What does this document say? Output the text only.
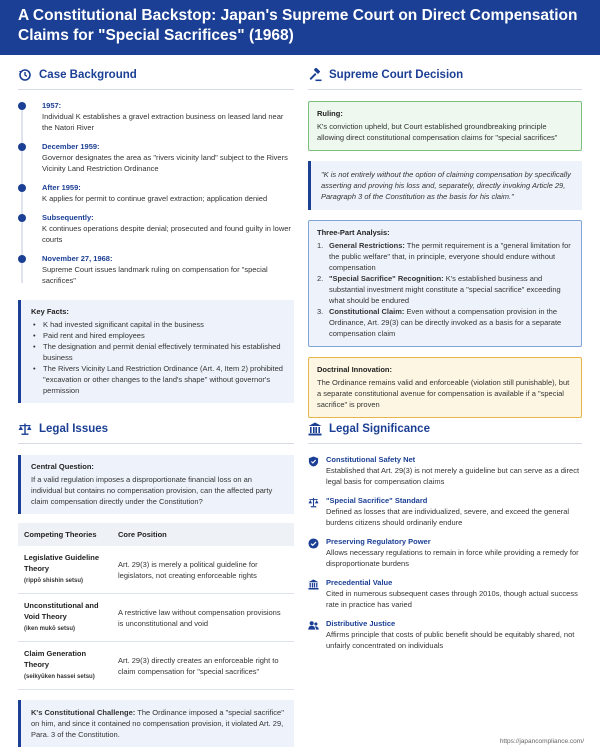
A Constitutional Backstop: Japan's Supreme Court on Direct Compensation Claims for "Special Sacrifices" (1968)
Case Background
1957:
Individual K establishes a gravel extraction business on leased land near the Natori River
December 1959:
Governor designates the area as "rivers vicinity land" subject to the Rivers Vicinity Land Restriction Ordinance
After 1959:
K applies for permit to continue gravel extraction; application denied
Subsequently:
K continues operations despite denial; prosecuted and found guilty in lower courts
November 27, 1968:
Supreme Court issues landmark ruling on compensation for "special sacrifices"
Key Facts:
• K had invested significant capital in the business
• Paid rent and hired employees
• The designation and permit denial effectively terminated his established business
• The Rivers Vicinity Land Restriction Ordinance (Art. 4, Item 2) prohibited "excavation or other changes to the land's shape" without governor's permission
Supreme Court Decision
Ruling:
K's conviction upheld, but Court established groundbreaking principle allowing direct constitutional compensation claims for "special sacrifices"
"K is not entirely without the option of claiming compensation by specifically asserting and proving his loss and, separately, directly invoking Article 29, Paragraph 3 of the Constitution as the basis for his claim."
Three-Part Analysis:
1. General Restrictions: The permit requirement is a "general limitation for the public welfare" that, in principle, everyone should endure without compensation
2. "Special Sacrifice" Recognition: K's established business and substantial investment might constitute a "special sacrifice" exceeding what should be endured
3. Constitutional Claim: Even without a compensation provision in the Ordinance, Art. 29(3) can be directly invoked as a basis for a separate compensation claim
Doctrinal Innovation:
The Ordinance remains valid and enforceable (violation still punishable), but a separate constitutional avenue for compensation is available if a "special sacrifice" is proven
Legal Issues
Central Question:
If a valid regulation imposes a disproportionate financial loss on an individual but contains no compensation provision, can the affected party claim compensation directly under the Constitution?
Competing Theories	Core Position
Legislative Guideline Theory
(rippō shishin setsu)	Art. 29(3) is merely a political guideline for legislators, not creating enforceable rights
Unconstitutional and Void Theory
(iken mukō setsu)	A restrictive law without compensation provisions is unconstitutional and void
Claim Generation Theory
(seikyūken hassei setsu)	Art. 29(3) directly creates an enforceable right to claim compensation for "special sacrifices"
K's Constitutional Challenge: The Ordinance imposed a "special sacrifice" on him, and since it contained no compensation provision, it violated Art. 29, Para. 3 of the Constitution.
Legal Significance
Constitutional Safety Net
Established that Art. 29(3) is not merely a guideline but can serve as a direct legal basis for compensation claims
"Special Sacrifice" Standard
Defined as losses that are individualized, severe, and exceed the general burdens citizens should ordinarily endure
Preserving Regulatory Power
Allows necessary regulations to remain in force while providing a remedy for disproportionate burdens
Precedential Value
Cited in numerous subsequent cases through 2010s, though actual success rate in practice has varied
Distributive Justice
Affirms principle that costs of public benefit should be equitably shared, not unfairly concentrated on individuals
https://japancompliance.com/
